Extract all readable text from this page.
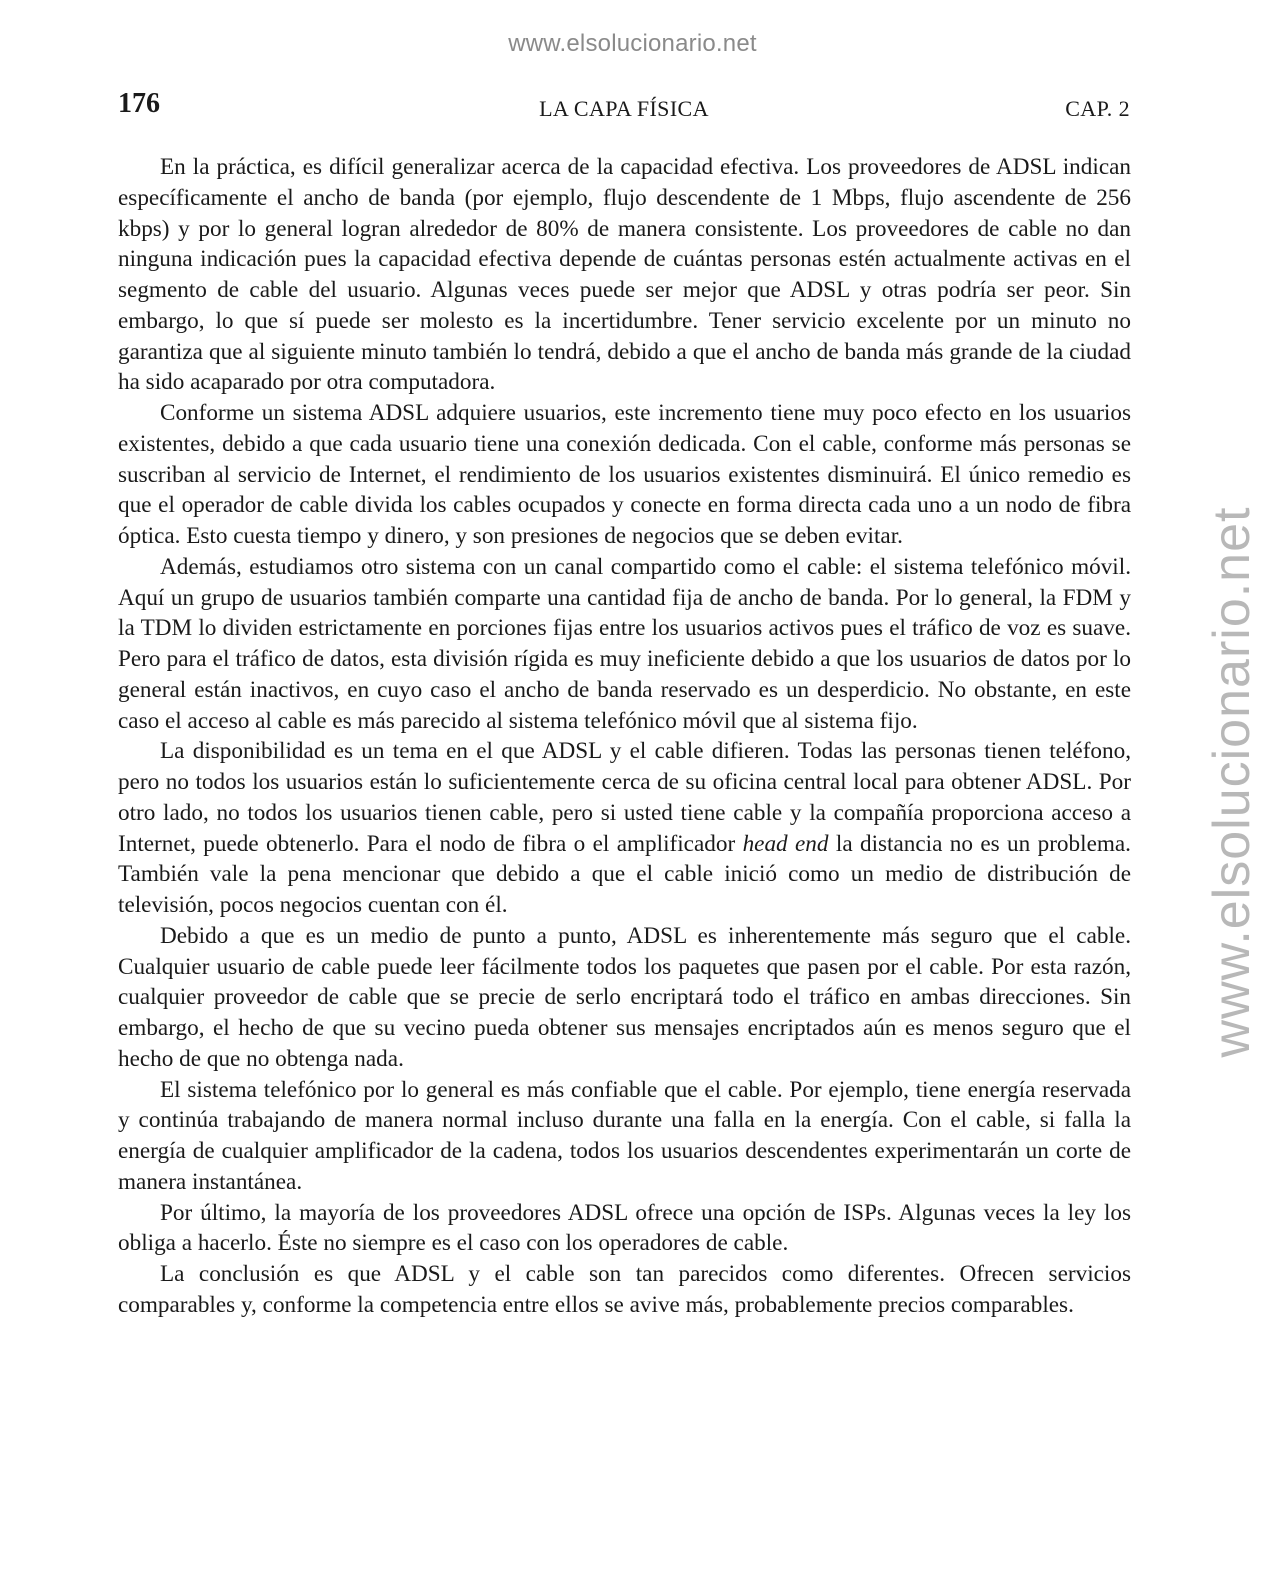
www.elsolucionario.net
www.elsolucionario.net
176	LA CAPA FÍSICA	CAP. 2

En la práctica, es difícil generalizar acerca de la capacidad efectiva. Los proveedores de ADSL indican específicamente el ancho de banda (por ejemplo, flujo descendente de 1 Mbps, flujo ascendente de 256 kbps) y por lo general logran alrededor de 80% de manera consistente. Los proveedores de cable no dan ninguna indicación pues la capacidad efectiva depende de cuántas personas estén actualmente activas en el segmento de cable del usuario. Algunas veces puede ser mejor que ADSL y otras podría ser peor. Sin embargo, lo que sí puede ser molesto es la incertidumbre. Tener servicio excelente por un minuto no garantiza que al siguiente minuto también lo tendrá, debido a que el ancho de banda más grande de la ciudad ha sido acaparado por otra computadora.

Conforme un sistema ADSL adquiere usuarios, este incremento tiene muy poco efecto en los usuarios existentes, debido a que cada usuario tiene una conexión dedicada. Con el cable, conforme más personas se suscriban al servicio de Internet, el rendimiento de los usuarios existentes disminuirá. El único remedio es que el operador de cable divida los cables ocupados y conecte en forma directa cada uno a un nodo de fibra óptica. Esto cuesta tiempo y dinero, y son presiones de negocios que se deben evitar.

Además, estudiamos otro sistema con un canal compartido como el cable: el sistema telefónico móvil. Aquí un grupo de usuarios también comparte una cantidad fija de ancho de banda. Por lo general, la FDM y la TDM lo dividen estrictamente en porciones fijas entre los usuarios activos pues el tráfico de voz es suave. Pero para el tráfico de datos, esta división rígida es muy ineficiente debido a que los usuarios de datos por lo general están inactivos, en cuyo caso el ancho de banda reservado es un desperdicio. No obstante, en este caso el acceso al cable es más parecido al sistema telefónico móvil que al sistema fijo.

La disponibilidad es un tema en el que ADSL y el cable difieren. Todas las personas tienen teléfono, pero no todos los usuarios están lo suficientemente cerca de su oficina central local para obtener ADSL. Por otro lado, no todos los usuarios tienen cable, pero si usted tiene cable y la compañía proporciona acceso a Internet, puede obtenerlo. Para el nodo de fibra o el amplificador head end la distancia no es un problema. También vale la pena mencionar que debido a que el cable inició como un medio de distribución de televisión, pocos negocios cuentan con él.

Debido a que es un medio de punto a punto, ADSL es inherentemente más seguro que el cable. Cualquier usuario de cable puede leer fácilmente todos los paquetes que pasen por el cable. Por esta razón, cualquier proveedor de cable que se precie de serlo encriptará todo el tráfico en ambas direcciones. Sin embargo, el hecho de que su vecino pueda obtener sus mensajes encriptados aún es menos seguro que el hecho de que no obtenga nada.

El sistema telefónico por lo general es más confiable que el cable. Por ejemplo, tiene energía reservada y continúa trabajando de manera normal incluso durante una falla en la energía. Con el cable, si falla la energía de cualquier amplificador de la cadena, todos los usuarios descendentes experimentarán un corte de manera instantánea.

Por último, la mayoría de los proveedores ADSL ofrece una opción de ISPs. Algunas veces la ley los obliga a hacerlo. Éste no siempre es el caso con los operadores de cable.

La conclusión es que ADSL y el cable son tan parecidos como diferentes. Ofrecen servicios comparables y, conforme la competencia entre ellos se avive más, probablemente precios comparables.
